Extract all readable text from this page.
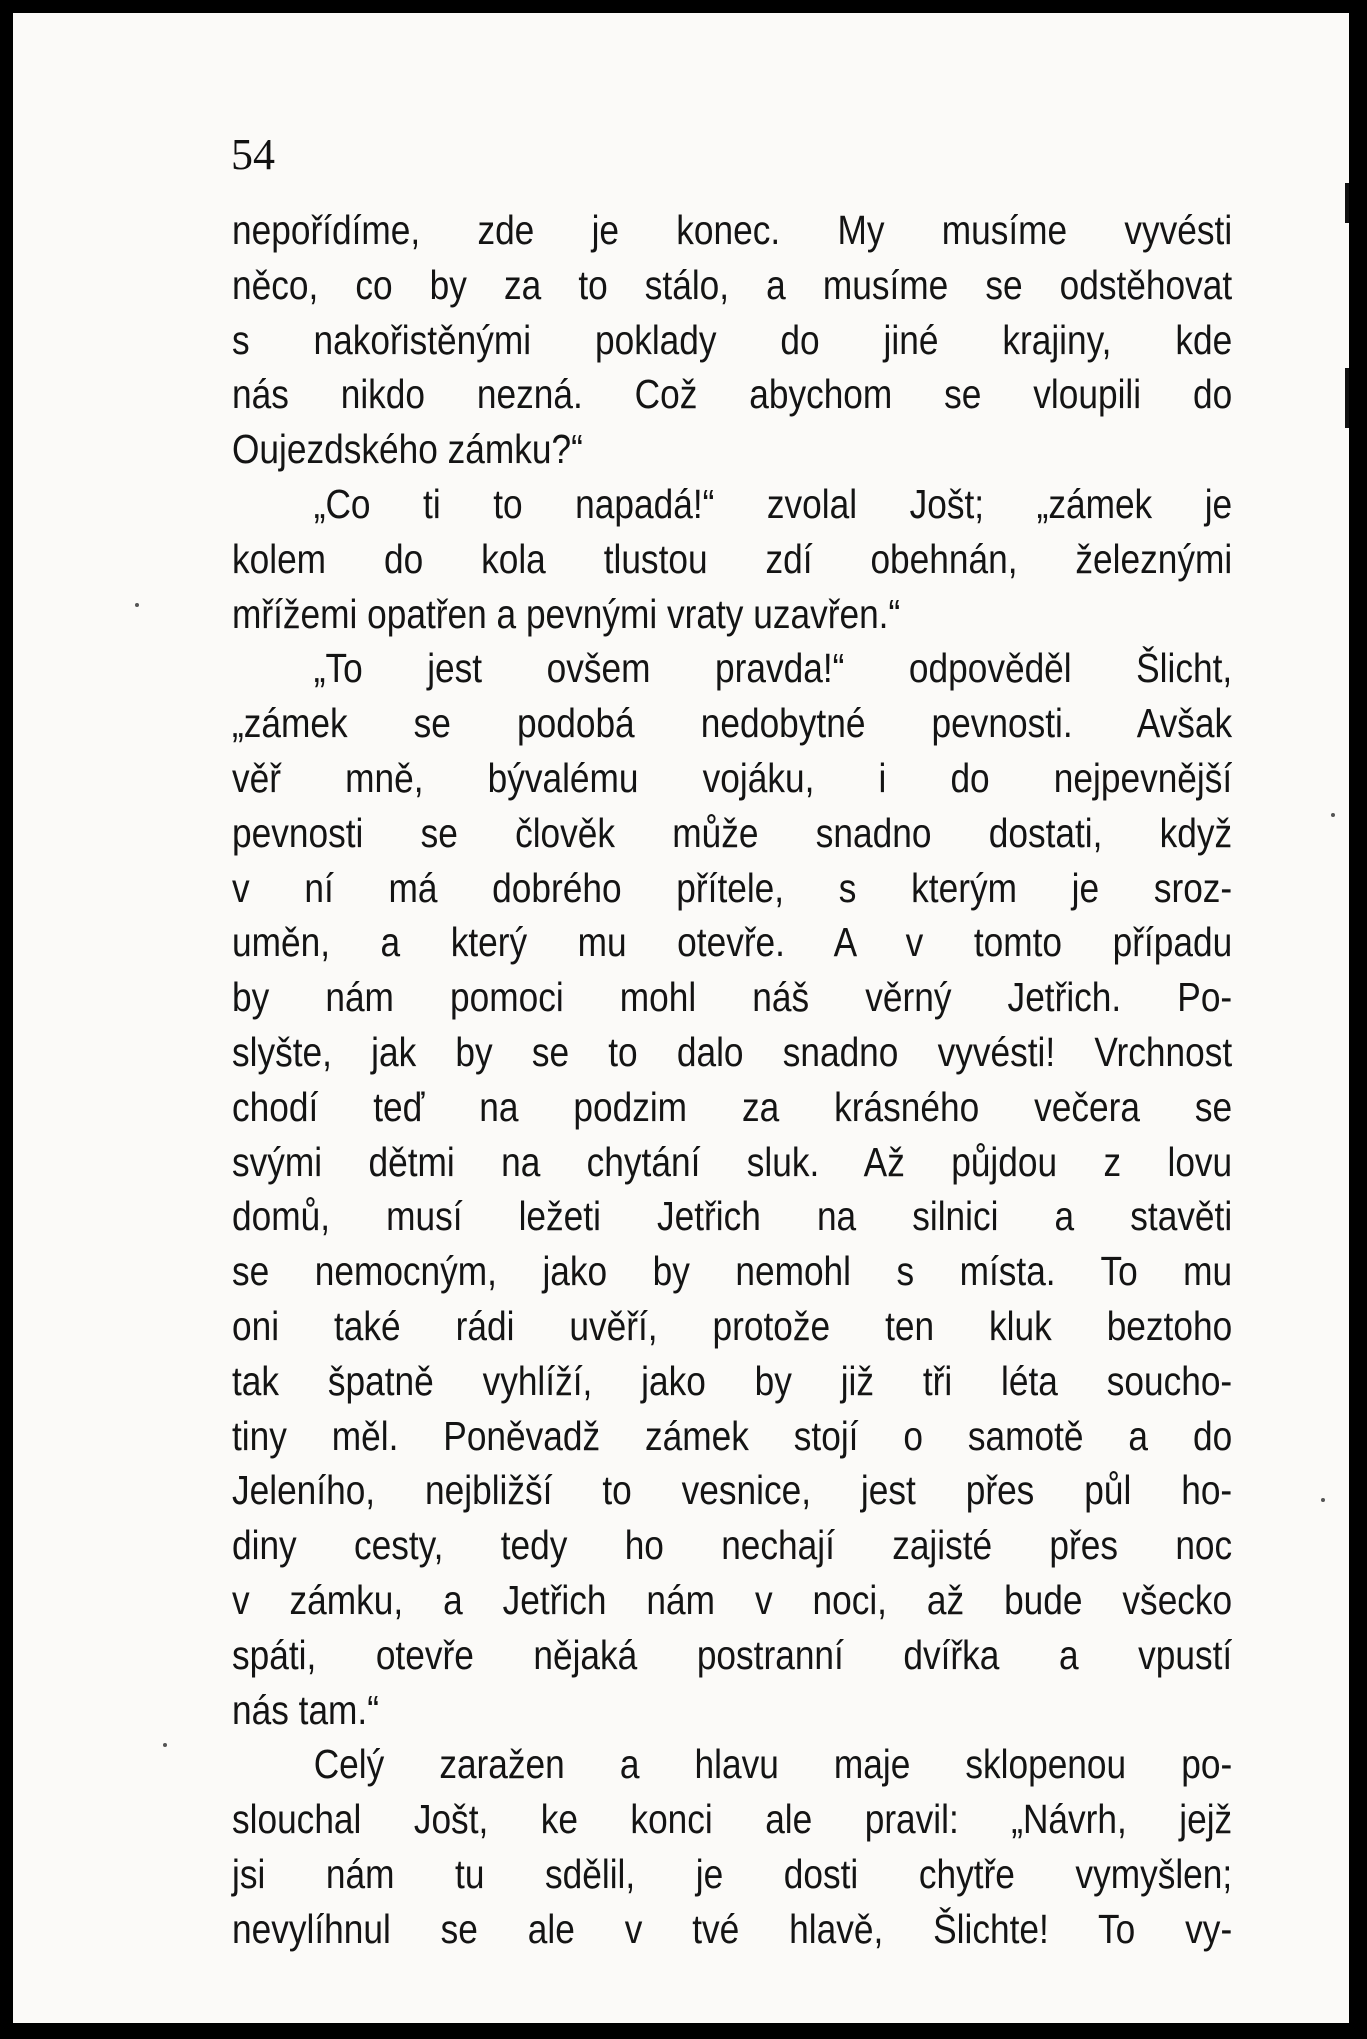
54
nepořídíme, zde je konec. My musíme vyvésti
něco, co by za to stálo, a musíme se odstěhovat
s nakořistěnými poklady do jiné krajiny, kde
nás nikdo nezná. Což abychom se vloupili do
Oujezdského zámku?“
„Co ti to napadá!“ zvolal Jošt; „zámek je
kolem do kola tlustou zdí obehnán, železnými
mřížemi opatřen a pevnými vraty uzavřen.“
„To jest ovšem pravda!“ odpověděl Šlicht,
„zámek se podobá nedobytné pevnosti. Avšak
věř mně, bývalému vojáku, i do nejpevnější
pevnosti se člověk může snadno dostati, když
v ní má dobrého přítele, s kterým je sroz-
uměn, a který mu otevře. A v tomto případu
by nám pomoci mohl náš věrný Jetřich. Po-
slyšte, jak by se to dalo snadno vyvésti! Vrchnost
chodí teď na podzim za krásného večera se
svými dětmi na chytání sluk. Až půjdou z lovu
domů, musí ležeti Jetřich na silnici a stavěti
se nemocným, jako by nemohl s místa. To mu
oni také rádi uvěří, protože ten kluk beztoho
tak špatně vyhlíží, jako by již tři léta soucho-
tiny měl. Poněvadž zámek stojí o samotě a do
Jeleního, nejbližší to vesnice, jest přes půl ho-
diny cesty, tedy ho nechají zajisté přes noc
v zámku, a Jetřich nám v noci, až bude všecko
spáti, otevře nějaká postranní dvířka a vpustí
nás tam.“
Celý zaražen a hlavu maje sklopenou po-
slouchal Jošt, ke konci ale pravil: „Návrh, jejž
jsi nám tu sdělil, je dosti chytře vymyšlen;
nevylíhnul se ale v tvé hlavě, Šlichte! To vy-
